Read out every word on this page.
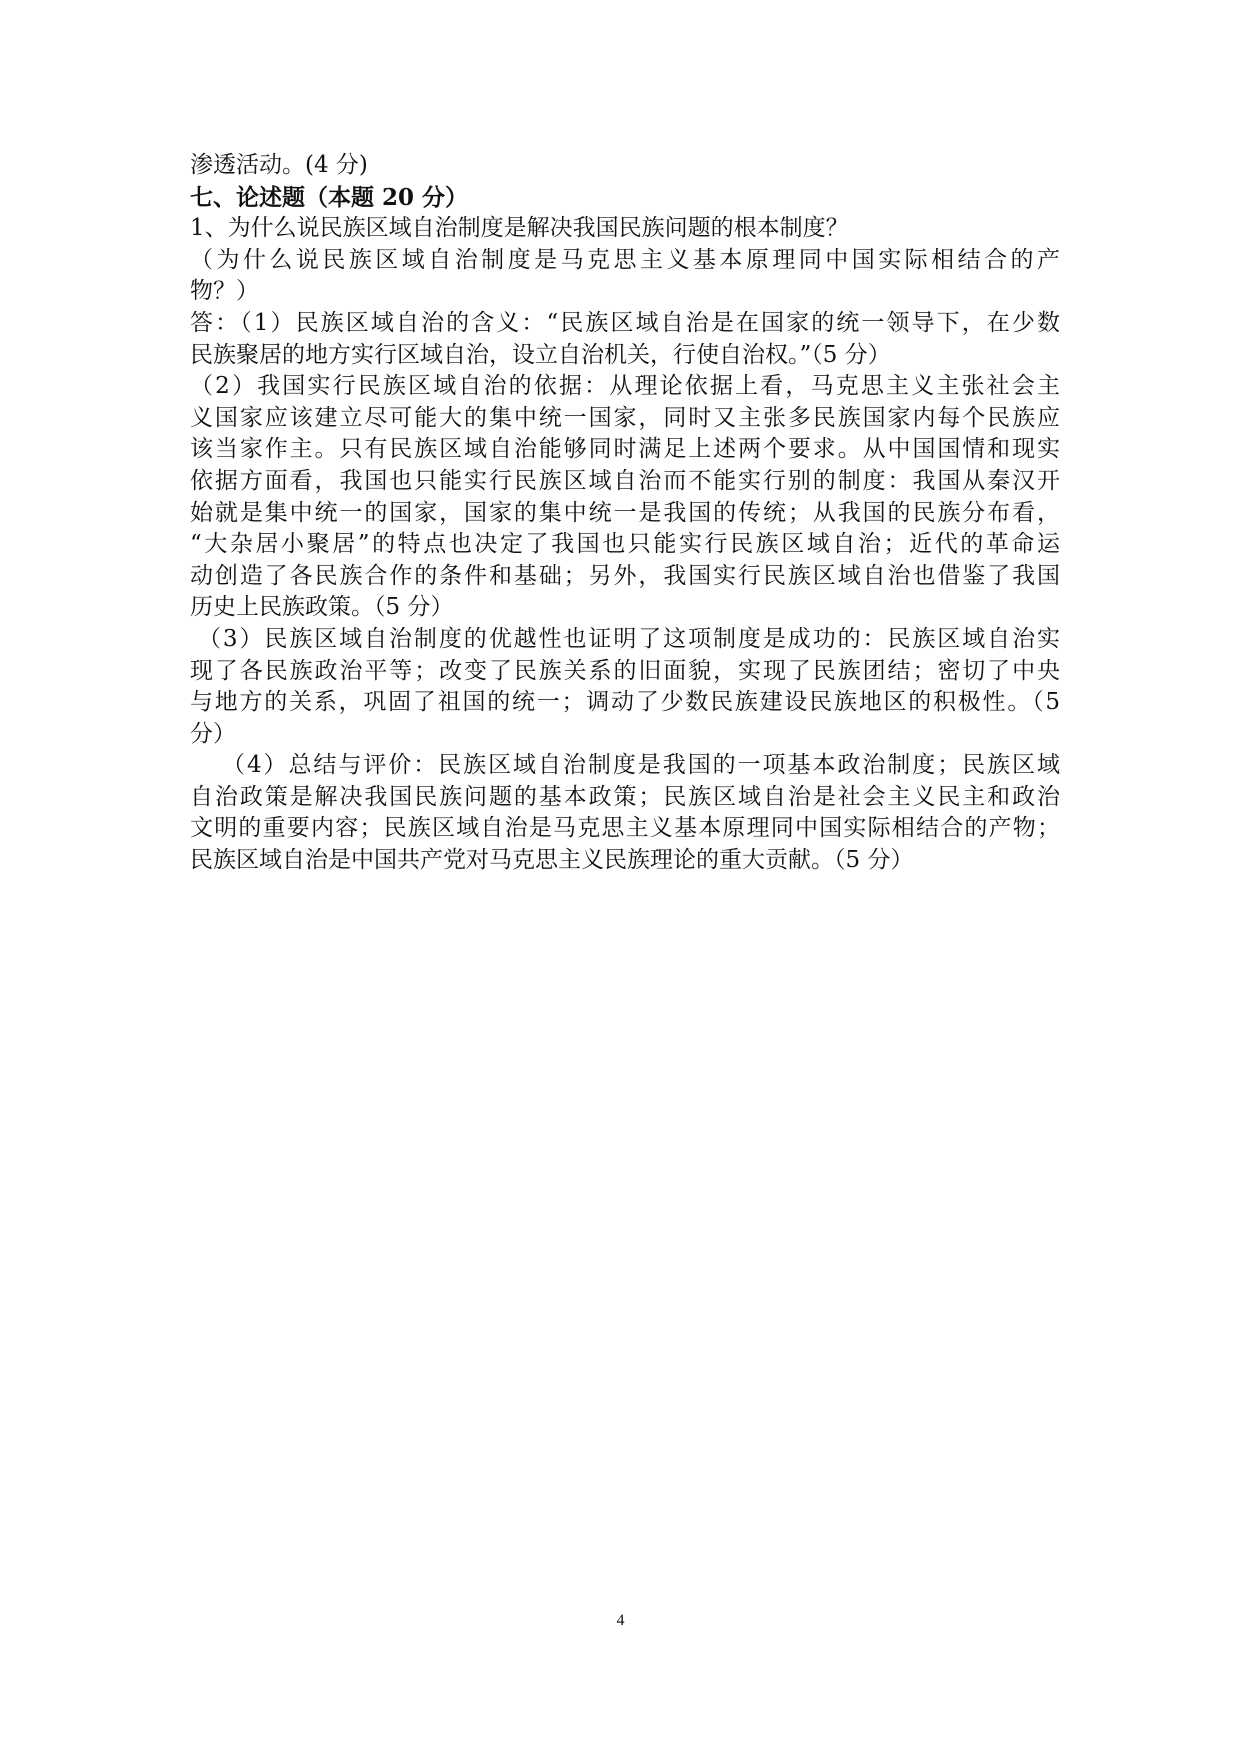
渗透活动。(4 分)
七、论述题（本题 20 分）
1、为什么说民族区域自治制度是解决我国民族问题的根本制度？
（为什么说民族区域自治制度是马克思主义基本原理同中国实际相结合的产
物？）
答：（1）民族区域自治的含义：“民族区域自治是在国家的统一领导下，在少数
民族聚居的地方实行区域自治，设立自治机关，行使自治权。”（5 分）
（2）我国实行民族区域自治的依据：从理论依据上看，马克思主义主张社会主
义国家应该建立尽可能大的集中统一国家，同时又主张多民族国家内每个民族应
该当家作主。只有民族区域自治能够同时满足上述两个要求。从中国国情和现实
依据方面看，我国也只能实行民族区域自治而不能实行别的制度：我国从秦汉开
始就是集中统一的国家，国家的集中统一是我国的传统；从我国的民族分布看，
“大杂居小聚居”的特点也决定了我国也只能实行民族区域自治；近代的革命运
动创造了各民族合作的条件和基础；另外，我国实行民族区域自治也借鉴了我国
历史上民族政策。（5 分）
（3）民族区域自治制度的优越性也证明了这项制度是成功的：民族区域自治实
现了各民族政治平等；改变了民族关系的旧面貌，实现了民族团结；密切了中央
与地方的关系，巩固了祖国的统一；调动了少数民族建设民族地区的积极性。（5
分）
（4）总结与评价：民族区域自治制度是我国的一项基本政治制度；民族区域
自治政策是解决我国民族问题的基本政策；民族区域自治是社会主义民主和政治
文明的重要内容；民族区域自治是马克思主义基本原理同中国实际相结合的产物；
民族区域自治是中国共产党对马克思主义民族理论的重大贡献。（5 分）
4
